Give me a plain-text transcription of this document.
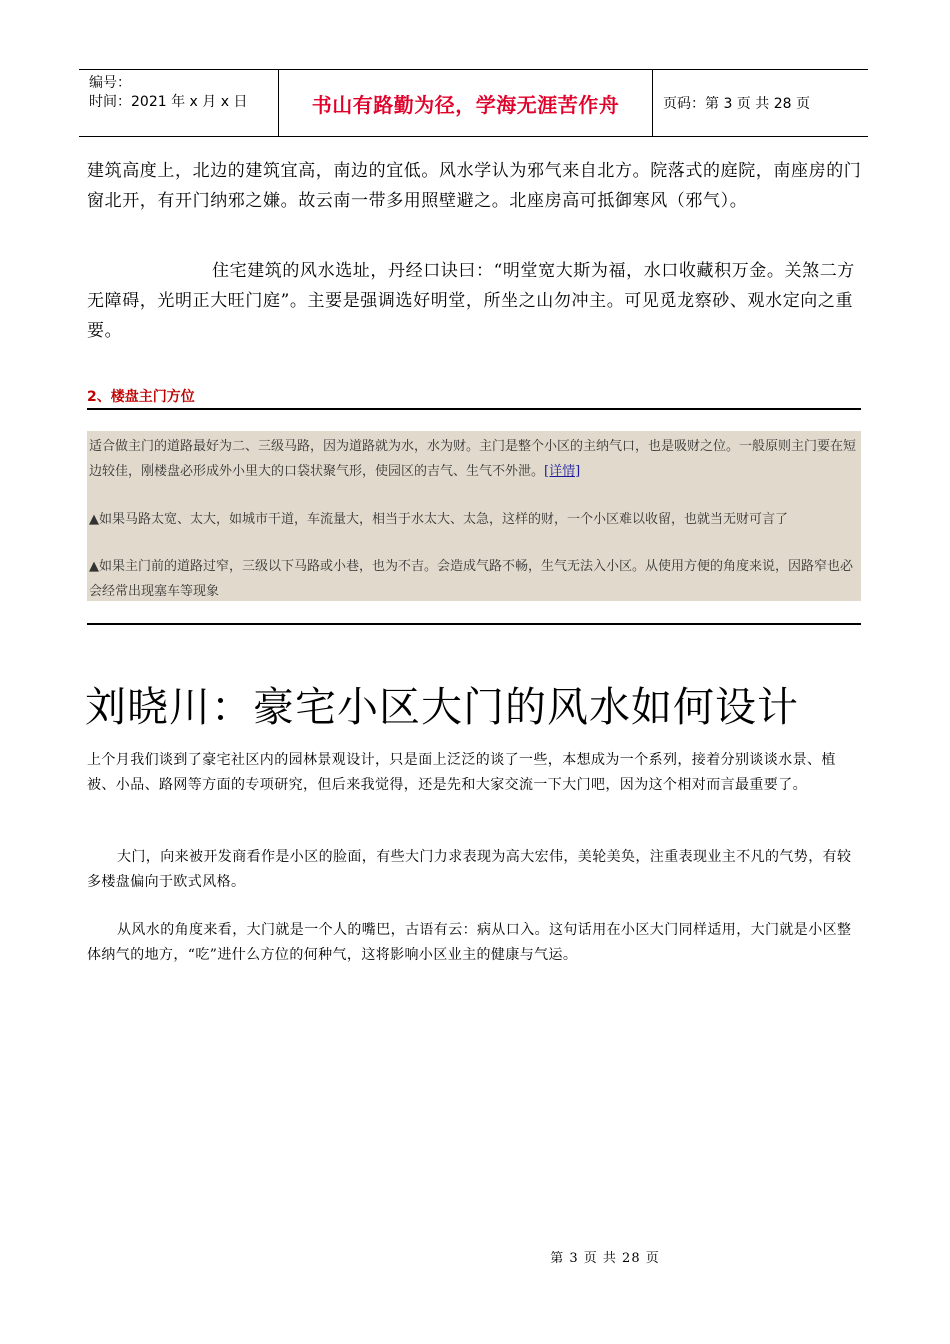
编号：
时间：2021 年 x 月 x 日	书山有路勤为径，学海无涯苦作舟	页码：第 3 页 共 28 页

建筑高度上，北边的建筑宜高，南边的宜低。风水学认为邪气来自北方。院落式的庭院，南座房的门窗北开，有开门纳邪之嫌。故云南一带多用照壁避之。北座房高可抵御寒风（邪气）。

住宅建筑的风水选址，丹经口诀曰：“明堂宽大斯为福，水口收藏积万金。关煞二方无障碍，光明正大旺门庭”。主要是强调选好明堂，所坐之山勿冲主。可见觅龙察砂、观水定向之重要。

2、楼盘主门方位

适合做主门的道路最好为二、三级马路，因为道路就为水，水为财。主门是整个小区的主纳气口，也是吸财之位。一般原则主门要在短边较佳，刚楼盘必形成外小里大的口袋状聚气形，使园区的吉气、生气不外泄。[详情]

▲如果马路太宽、太大，如城市干道，车流量大，相当于水太大、太急，这样的财，一个小区难以收留，也就当无财可言了

▲如果主门前的道路过窄，三级以下马路或小巷，也为不吉。会造成气路不畅，生气无法入小区。从使用方便的角度来说，因路窄也必会经常出现塞车等现象

刘晓川：豪宅小区大门的风水如何设计

上个月我们谈到了豪宅社区内的园林景观设计，只是面上泛泛的谈了一些，本想成为一个系列，接着分别谈谈水景、植被、小品、路网等方面的专项研究，但后来我觉得，还是先和大家交流一下大门吧，因为这个相对而言最重要了。

大门，向来被开发商看作是小区的脸面，有些大门力求表现为高大宏伟，美轮美奂，注重表现业主不凡的气势，有较多楼盘偏向于欧式风格。

从风水的角度来看，大门就是一个人的嘴巴，古语有云：病从口入。这句话用在小区大门同样适用，大门就是小区整体纳气的地方，“吃”进什么方位的何种气，这将影响小区业主的健康与气运。

第 3 页 共 28 页
